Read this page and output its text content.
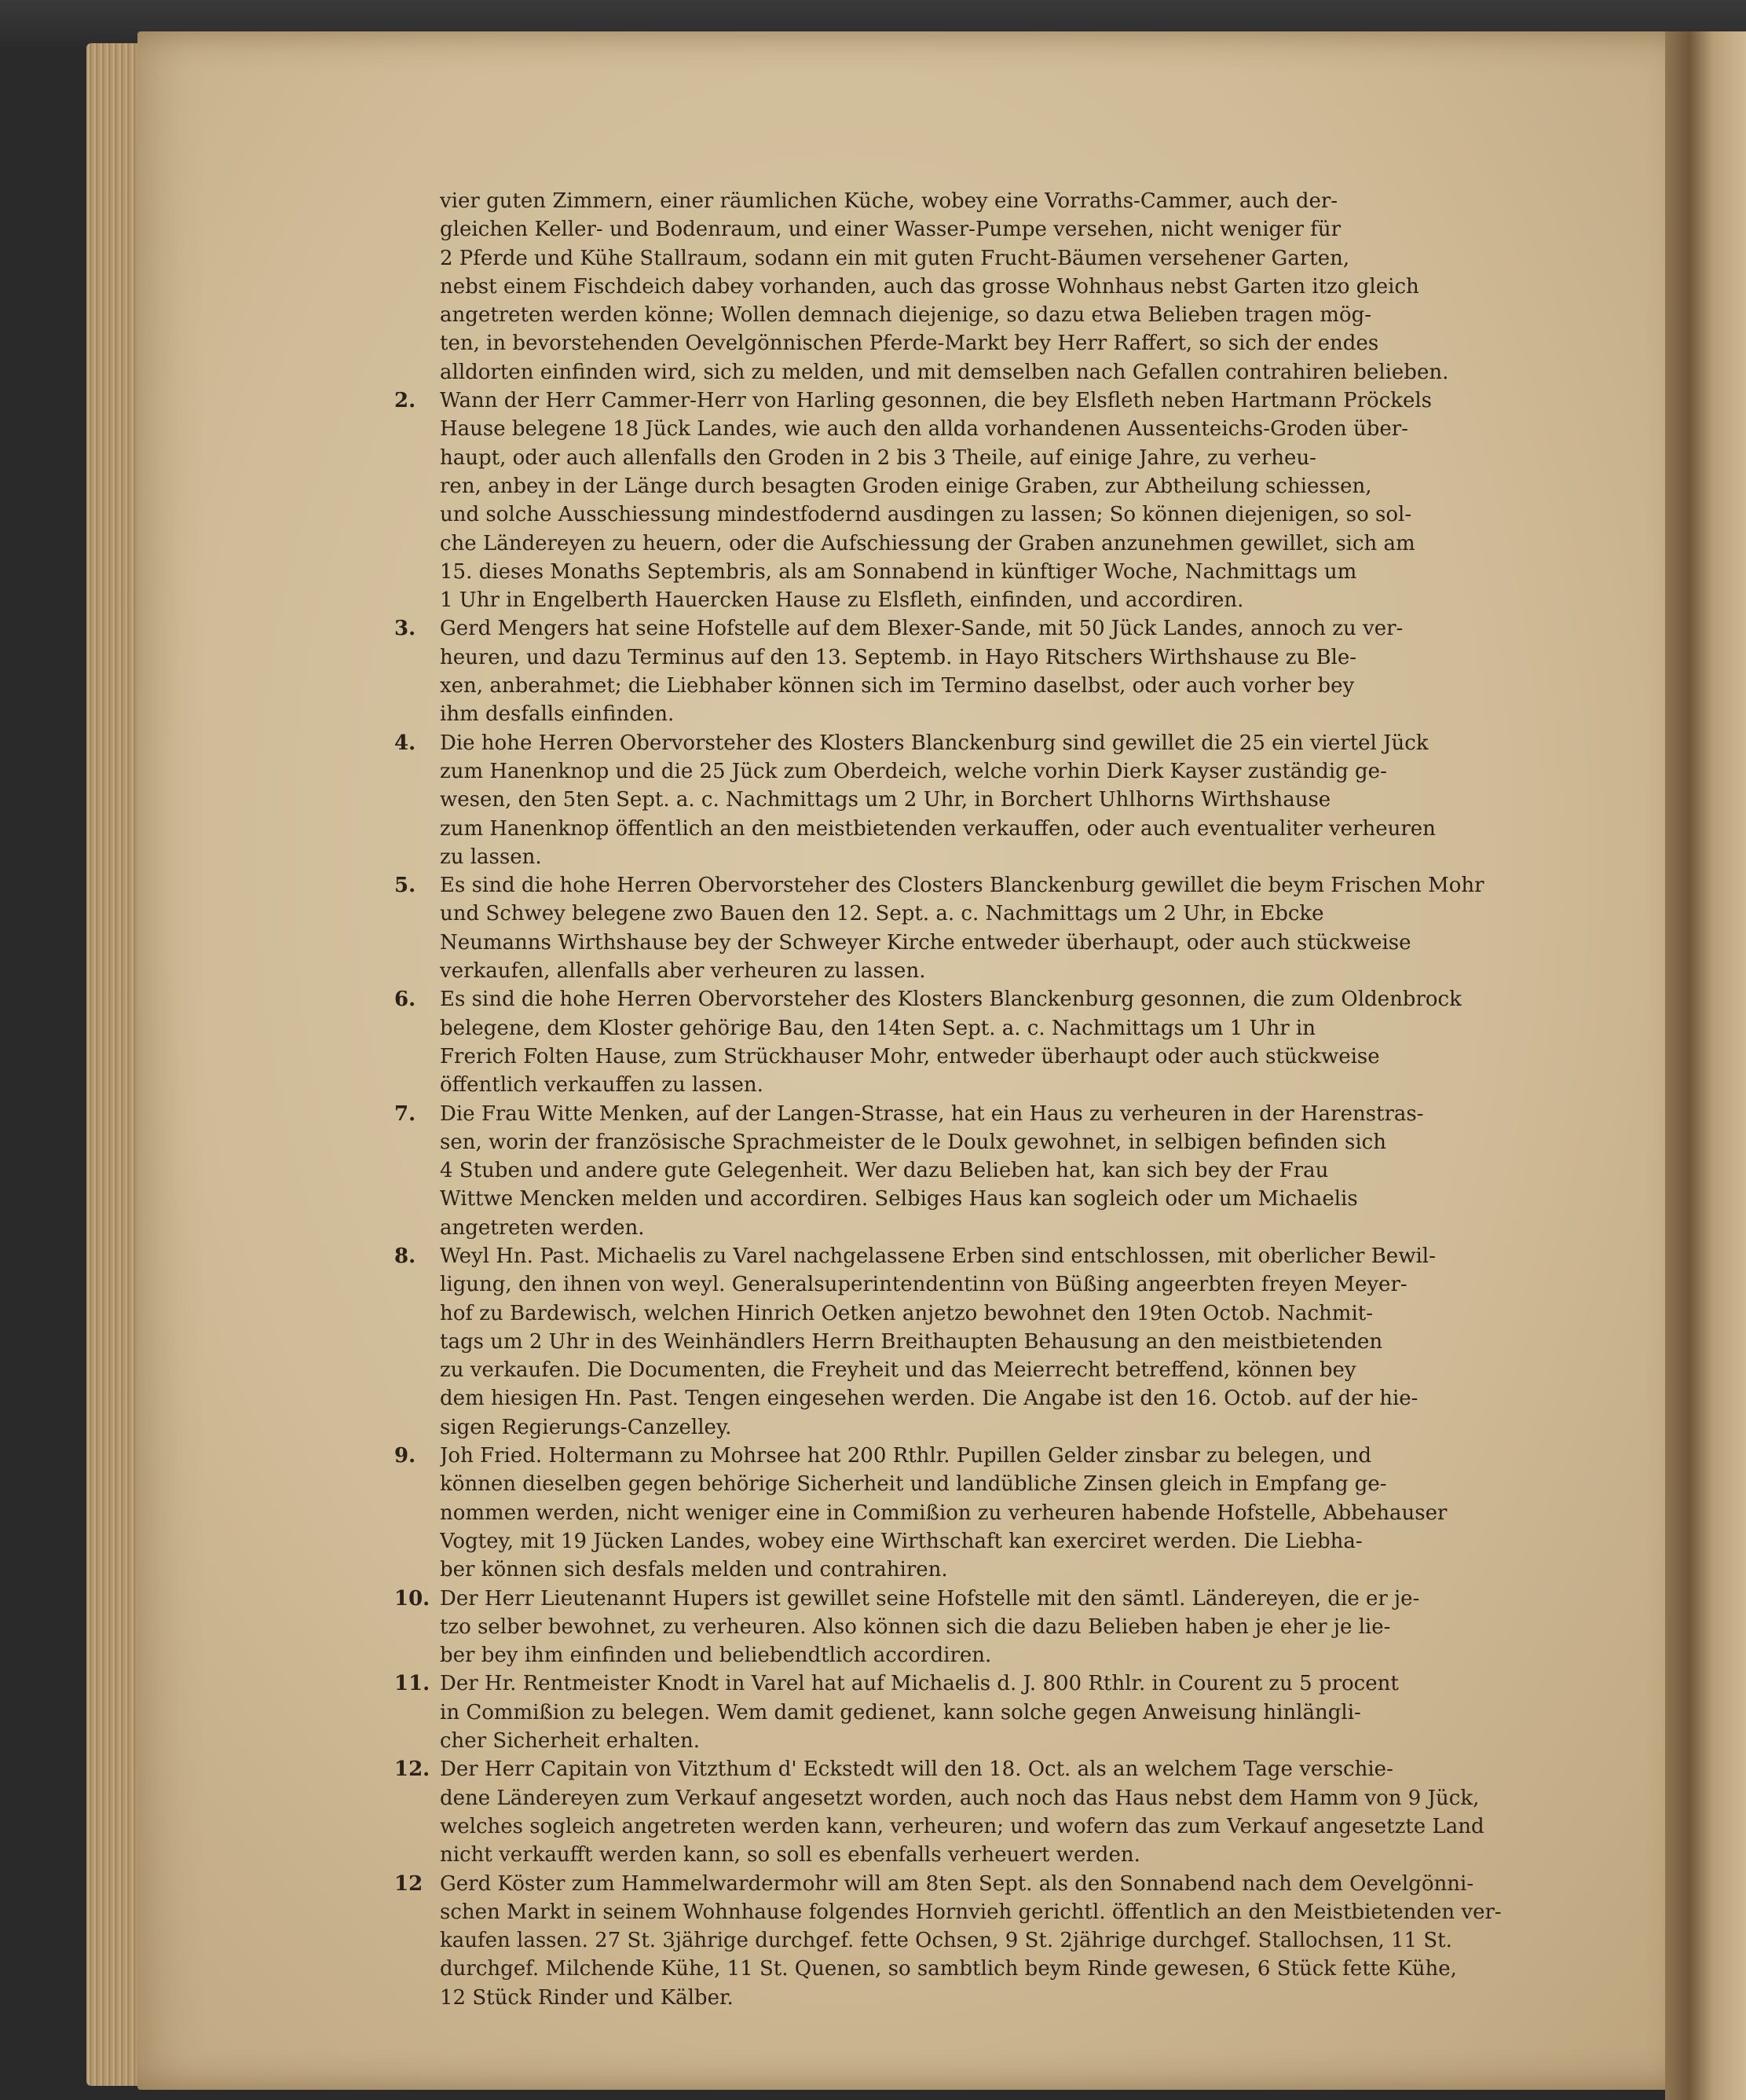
vier guten Zimmern, einer räumlichen Küche, wobey eine Vorraths-Cammer, auch der-
gleichen Keller- und Bodenraum, und einer Wasser-Pumpe versehen, nicht weniger für
2 Pferde und Kühe Stallraum, sodann ein mit guten Frucht-Bäumen versehener Garten,
nebst einem Fischdeich dabey vorhanden, auch das grosse Wohnhaus nebst Garten itzo gleich
angetreten werden könne; Wollen demnach diejenige, so dazu etwa Belieben tragen mög-
ten, in bevorstehenden Oevelgönnischen Pferde-Markt bey Herr Raffert, so sich der endes
alldorten einfinden wird, sich zu melden, und mit demselben nach Gefallen contrahiren belieben.
2. Wann der Herr Cammer-Herr von Harling gesonnen, die bey Elsfleth neben Hartmann Pröckels
Hause belegene 18 Jück Landes, wie auch den allda vorhandenen Aussenteichs-Groden über-
haupt, oder auch allenfalls den Groden in 2 bis 3 Theile, auf einige Jahre, zu verheu-
ren, anbey in der Länge durch besagten Groden einige Graben, zur Abtheilung schiessen,
und solche Ausschiessung mindestfodernd ausdingen zu lassen; So können diejenigen, so sol-
che Ländereyen zu heuern, oder die Aufschiessung der Graben anzunehmen gewillet, sich am
15. dieses Monaths Septembris, als am Sonnabend in künftiger Woche, Nachmittags um
1 Uhr in Engelberth Hauercken Hause zu Elsfleth, einfinden, und accordiren.
3. Gerd Mengers hat seine Hofstelle auf dem Blexer-Sande, mit 50 Jück Landes, annoch zu ver-
heuren, und dazu Terminus auf den 13. Septemb. in Hayo Ritschers Wirthshause zu Ble-
xen, anberahmet; die Liebhaber können sich im Termino daselbst, oder auch vorher bey
ihm desfalls einfinden.
4. Die hohe Herren Obervorsteher des Klosters Blanckenburg sind gewillet die 25 ein viertel Jück
zum Hanenknop und die 25 Jück zum Oberdeich, welche vorhin Dierk Kayser zuständig ge-
wesen, den 5ten Sept. a. c. Nachmittags um 2 Uhr, in Borchert Uhlhorns Wirthshause
zum Hanenknop öffentlich an den meistbietenden verkauffen, oder auch eventualiter verheuren
zu lassen.
5. Es sind die hohe Herren Obervorsteher des Closters Blanckenburg gewillet die beym Frischen Mohr
und Schwey belegene zwo Bauen den 12. Sept. a. c. Nachmittags um 2 Uhr, in Ebcke
Neumanns Wirthshause bey der Schweyer Kirche entweder überhaupt, oder auch stückweise
verkaufen, allenfalls aber verheuren zu lassen.
6. Es sind die hohe Herren Obervorsteher des Klosters Blanckenburg gesonnen, die zum Oldenbrock
belegene, dem Kloster gehörige Bau, den 14ten Sept. a. c. Nachmittags um 1 Uhr in
Frerich Folten Hause, zum Strückhauser Mohr, entweder überhaupt oder auch stückweise
öffentlich verkauffen zu lassen.
7. Die Frau Witte Menken, auf der Langen-Strasse, hat ein Haus zu verheuren in der Harenstras-
sen, worin der französische Sprachmeister de le Doulx gewohnet, in selbigen befinden sich
4 Stuben und andere gute Gelegenheit. Wer dazu Belieben hat, kan sich bey der Frau
Wittwe Mencken melden und accordiren. Selbiges Haus kan sogleich oder um Michaelis
angetreten werden.
8. Weyl Hn. Past. Michaelis zu Varel nachgelassene Erben sind entschlossen, mit oberlicher Bewil-
ligung, den ihnen von weyl. Generalsuperintendentinn von Büßing angeerbten freyen Meyer-
hof zu Bardewisch, welchen Hinrich Oetken anjetzo bewohnet den 19ten Octob. Nachmit-
tags um 2 Uhr in des Weinhändlers Herrn Breithaupten Behausung an den meistbietenden
zu verkaufen. Die Documenten, die Freyheit und das Meierrecht betreffend, können bey
dem hiesigen Hn. Past. Tengen eingesehen werden. Die Angabe ist den 16. Octob. auf der hie-
sigen Regierungs-Canzelley.
9. Joh Fried. Holtermann zu Mohrsee hat 200 Rthlr. Pupillen Gelder zinsbar zu belegen, und
können dieselben gegen behörige Sicherheit und landübliche Zinsen gleich in Empfang ge-
nommen werden, nicht weniger eine in Commißion zu verheuren habende Hofstelle, Abbehauser
Vogtey, mit 19 Jücken Landes, wobey eine Wirthschaft kan exerciret werden. Die Liebha-
ber können sich desfals melden und contrahiren.
10. Der Herr Lieutenannt Hupers ist gewillet seine Hofstelle mit den sämtl. Ländereyen, die er je-
tzo selber bewohnet, zu verheuren. Also können sich die dazu Belieben haben je eher je lie-
ber bey ihm einfinden und beliebendtlich accordiren.
11. Der Hr. Rentmeister Knodt in Varel hat auf Michaelis d. J. 800 Rthlr. in Courent zu 5 procent
in Commißion zu belegen. Wem damit gedienet, kann solche gegen Anweisung hinlängli-
cher Sicherheit erhalten.
12. Der Herr Capitain von Vitzthum d' Eckstedt will den 18. Oct. als an welchem Tage verschie-
dene Ländereyen zum Verkauf angesetzt worden, auch noch das Haus nebst dem Hamm von 9 Jück,
welches sogleich angetreten werden kann, verheuren; und wofern das zum Verkauf angesetzte Land
nicht verkaufft werden kann, so soll es ebenfalls verheuert werden.
12 Gerd Köster zum Hammelwardermohr will am 8ten Sept. als den Sonnabend nach dem Oevelgönni-
schen Markt in seinem Wohnhause folgendes Hornvieh gerichtl. öffentlich an den Meistbietenden ver-
kaufen lassen. 27 St. 3jährige durchgef. fette Ochsen, 9 St. 2jährige durchgef. Stallochsen, 11 St.
durchgef. Milchende Kühe, 11 St. Quenen, so sambtlich beym Rinde gewesen, 6 Stück fette Kühe,
12 Stück Rinder und Kälber.
